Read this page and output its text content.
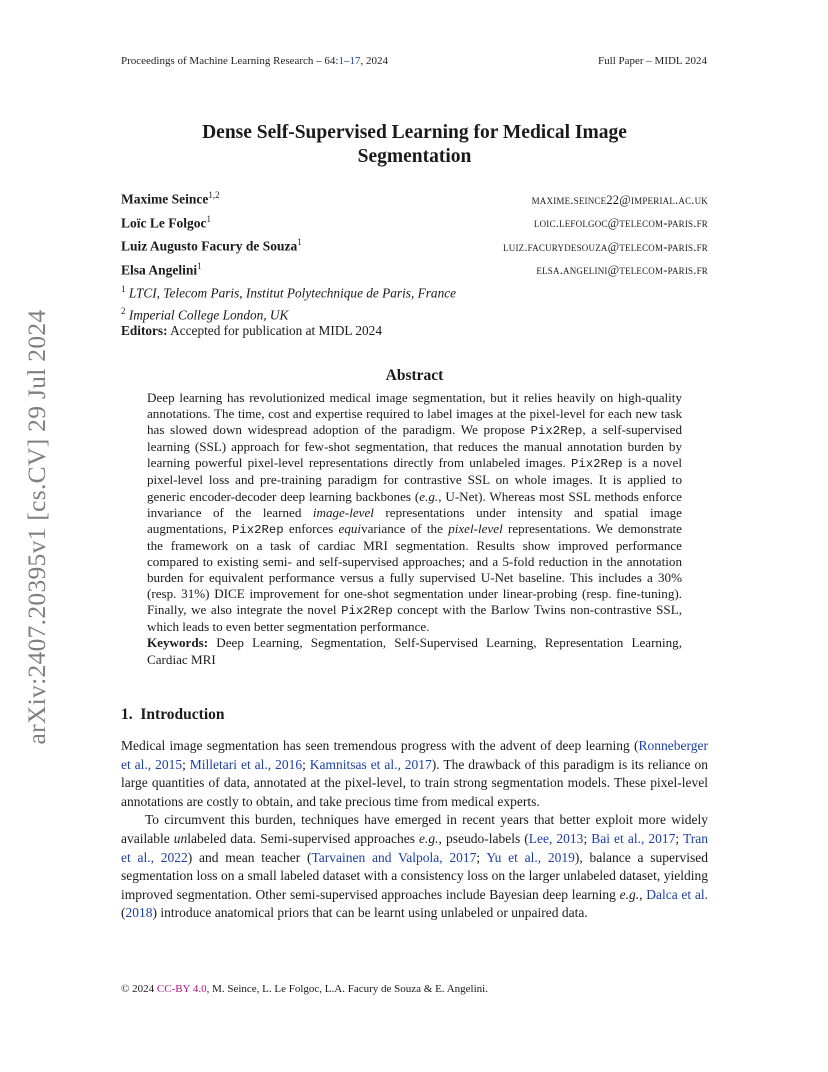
Proceedings of Machine Learning Research – 64:1–17, 2024	Full Paper – MIDL 2024
arXiv:2407.20395v1 [cs.CV] 29 Jul 2024
Dense Self-Supervised Learning for Medical Image
Segmentation
Maxime Seince$^{1,2}$	maxime.seince22@imperial.ac.uk
Loïc Le Folgoc$^1$	loic.lefolgoc@telecom-paris.fr
Luiz Augusto Facury de Souza$^1$	luiz.facurydesouza@telecom-paris.fr
Elsa Angelini$^1$	elsa.angelini@telecom-paris.fr
$^1$ LTCI, Telecom Paris, Institut Polytechnique de Paris, France
$^2$ Imperial College London, UK
Editors: Accepted for publication at MIDL 2024
Abstract

Deep learning has revolutionized medical image segmentation, but it relies heavily on high-quality annotations. The time, cost and expertise required to label images at the pixel-level for each new task has slowed down widespread adoption of the paradigm. We propose Pix2Rep, a self-supervised learning (SSL) approach for few-shot segmentation, that reduces the manual annotation burden by learning powerful pixel-level representations directly from unlabeled images. Pix2Rep is a novel pixel-level loss and pre-training paradigm for contrastive SSL on whole images. It is applied to generic encoder-decoder deep learning backbones (e.g., U-Net). Whereas most SSL methods enforce invariance of the learned image-level representations under intensity and spatial image augmentations, Pix2Rep enforces equivariance of the pixel-level representations. We demonstrate the framework on a task of cardiac MRI segmentation. Results show improved performance compared to existing semi- and self-supervised approaches; and a 5-fold reduction in the annotation burden for equivalent performance versus a fully supervised U-Net baseline. This includes a 30% (resp. 31%) DICE improvement for one-shot segmentation under linear-probing (resp. fine-tuning). Finally, we also integrate the novel Pix2Rep concept with the Barlow Twins non-contrastive SSL, which leads to even better segmentation performance.

Keywords: Deep Learning, Segmentation, Self-Supervised Learning, Representation Learning, Cardiac MRI

1. Introduction

Medical image segmentation has seen tremendous progress with the advent of deep learning (Ronneberger et al., 2015; Milletari et al., 2016; Kamnitsas et al., 2017). The drawback of this paradigm is its reliance on large quantities of data, annotated at the pixel-level, to train strong segmentation models. These pixel-level annotations are costly to obtain, and take precious time from medical experts.

To circumvent this burden, techniques have emerged in recent years that better exploit more widely available unlabeled data. Semi-supervised approaches e.g., pseudo-labels (Lee, 2013; Bai et al., 2017; Tran et al., 2022) and mean teacher (Tarvainen and Valpola, 2017; Yu et al., 2019), balance a supervised segmentation loss on a small labeled dataset with a consistency loss on the larger unlabeled dataset, yielding improved segmentation. Other semi-supervised approaches include Bayesian deep learning e.g., Dalca et al. (2018) introduce anatomical priors that can be learnt using unlabeled or unpaired data.

© 2024 CC-BY 4.0, M. Seince, L. Le Folgoc, L.A. Facury de Souza & E. Angelini.
